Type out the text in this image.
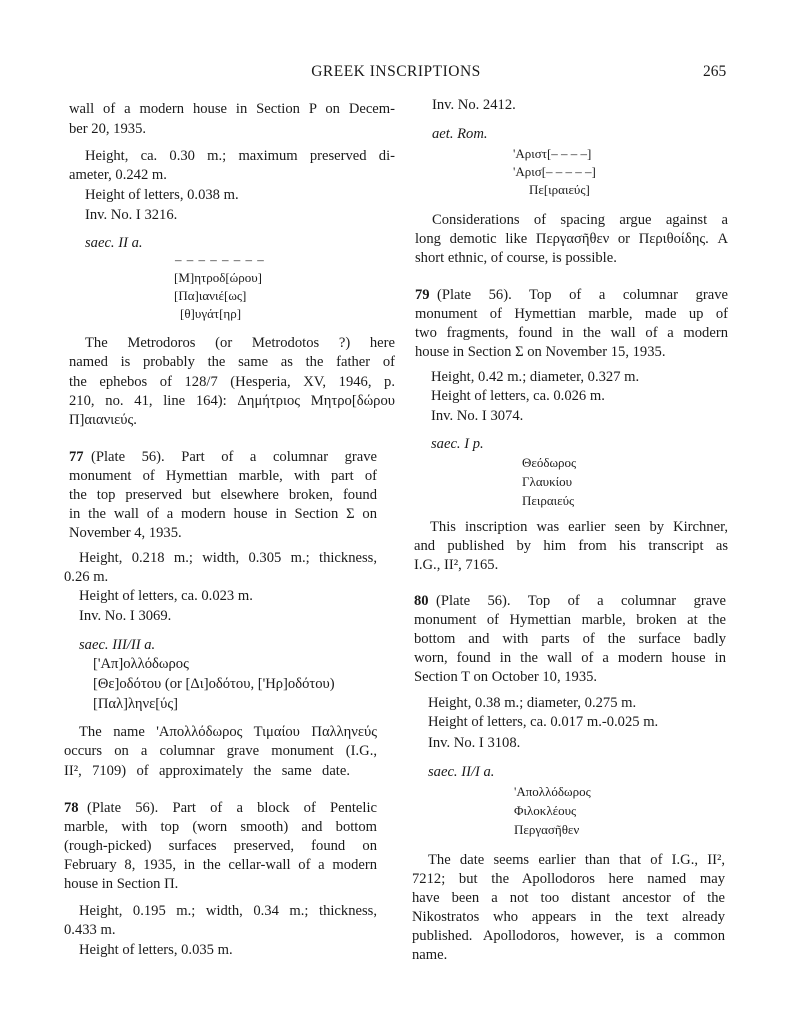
GREEK INSCRIPTIONS	265
wall of a modern house in Section P on Decem-
ber 20, 1935.
Height, ca. 0.30 m.; maximum preserved di-
ameter, 0.242 m.
Height of letters, 0.038 m.
Inv. No. I 3216.
saec. II a.
– – – – – – – –
[Μ]ητροδ[ώρου]
[Πα]ιανιέ[ως]
[θ]υγάτ[ηρ]
The Metrodoros (or Metrodotos ?) here
named is probably the same as the father of
the ephebos of 128/7 (Hesperia, XV, 1946, p.
210, no. 41, line 164): Δημήτριος Μητρο[δώρου
Π]αιανιεύς.
77 (Plate 56). Part of a columnar grave
monument of Hymettian marble, with part of
the top preserved but elsewhere broken, found
in the wall of a modern house in Section Σ on
November 4, 1935.
Height, 0.218 m.; width, 0.305 m.; thickness,
0.26 m.
Height of letters, ca. 0.023 m.
Inv. No. I 3069.
saec. III/II a.
['Απ]ολλόδωρος
[Θε]οδότου (or [Δι]οδότου, ['Ηρ]οδότου)
[Παλ]ληνε[ύς]
The name 'Απολλόδωρος Τιμαίου Παλληνεύς
occurs on a columnar grave monument (I.G.,
II², 7109) of approximately the same date.
78 (Plate 56). Part of a block of Pentelic
marble, with top (worn smooth) and bottom
(rough-picked) surfaces preserved, found on
February 8, 1935, in the cellar-wall of a modern
house in Section Π.
Height, 0.195 m.; width, 0.34 m.; thickness,
0.433 m.
Height of letters, 0.035 m.
Inv. No. 2412.
aet. Rom.
'Αριστ[– – – –]
'Αρισ[– – – – –]
Πε[ιραιεύς]
Considerations of spacing argue against a
long demotic like Περγασῆθεν or Περιθοίδης. A
short ethnic, of course, is possible.
79 (Plate 56). Top of a columnar grave
monument of Hymettian marble, made up of
two fragments, found in the wall of a modern
house in Section Σ on November 15, 1935.
Height, 0.42 m.; diameter, 0.327 m.
Height of letters, ca. 0.026 m.
Inv. No. I 3074.
saec. I p.
Θεόδωρος
Γλαυκίου
Πειραιεύς
This inscription was earlier seen by Kirchner,
and published by him from his transcript as
I.G., II², 7165.
80 (Plate 56). Top of a columnar grave
monument of Hymettian marble, broken at the
bottom and with parts of the surface badly
worn, found in the wall of a modern house in
Section T on October 10, 1935.
Height, 0.38 m.; diameter, 0.275 m.
Height of letters, ca. 0.017 m.-0.025 m.
Inv. No. I 3108.
saec. II/I a.
'Απολλόδωρος
Φιλοκλέους
Περγασῆθεν
The date seems earlier than that of I.G., II²,
7212; but the Apollodoros here named may
have been a not too distant ancestor of the
Nikostratos who appears in the text already
published. Apollodoros, however, is a common
name.
